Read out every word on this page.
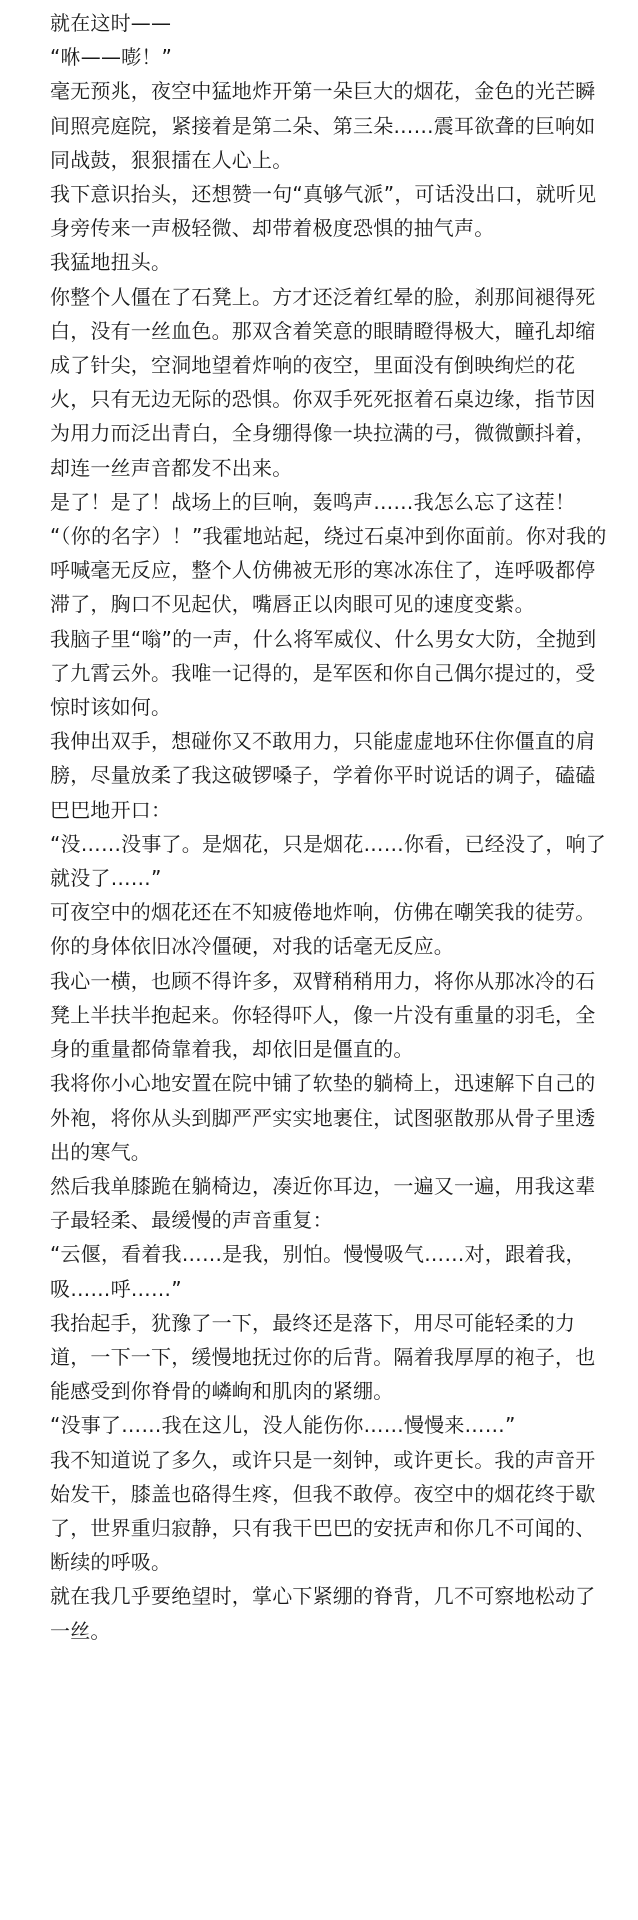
就在这时——

“咻——嘭！”

毫无预兆，夜空中猛地炸开第一朵巨大的烟花，金色的光芒瞬间照亮庭院，紧接着是第二朵、第三朵……震耳欲聋的巨响如同战鼓，狠狠擂在人心上。

我下意识抬头，还想赞一句“真够气派”，可话没出口，就听见身旁传来一声极轻微、却带着极度恐惧的抽气声。

我猛地扭头。

你整个人僵在了石凳上。方才还泛着红晕的脸，刹那间褪得死白，没有一丝血色。那双含着笑意的眼睛瞪得极大，瞳孔却缩成了针尖，空洞地望着炸响的夜空，里面没有倒映绚烂的花火，只有无边无际的恐惧。你双手死死抠着石桌边缘，指节因为用力而泛出青白，全身绷得像一块拉满的弓，微微颤抖着，却连一丝声音都发不出来。

是了！是了！战场上的巨响，轰鸣声……我怎么忘了这茬！

“（你的名字）！”我霍地站起，绕过石桌冲到你面前。你对我的呼喊毫无反应，整个人仿佛被无形的寒冰冻住了，连呼吸都停滞了，胸口不见起伏，嘴唇正以肉眼可见的速度变紫。

我脑子里“嗡”的一声，什么将军威仪、什么男女大防，全抛到了九霄云外。我唯一记得的，是军医和你自己偶尔提过的，受惊时该如何。

我伸出双手，想碰你又不敢用力，只能虚虚地环住你僵直的肩膀，尽量放柔了我这破锣嗓子，学着你平时说话的调子，磕磕巴巴地开口：

“没……没事了。是烟花，只是烟花……你看，已经没了，响了就没了……”

可夜空中的烟花还在不知疲倦地炸响，仿佛在嘲笑我的徒劳。你的身体依旧冰冷僵硬，对我的话毫无反应。

我心一横，也顾不得许多，双臂稍稍用力，将你从那冰冷的石凳上半扶半抱起来。你轻得吓人，像一片没有重量的羽毛，全身的重量都倚靠着我，却依旧是僵直的。

我将你小心地安置在院中铺了软垫的躺椅上，迅速解下自己的外袍，将你从头到脚严严实实地裹住，试图驱散那从骨子里透出的寒气。

然后我单膝跪在躺椅边，凑近你耳边，一遍又一遍，用我这辈子最轻柔、最缓慢的声音重复：

“云偃，看着我……是我，别怕。慢慢吸气……对，跟着我，吸……呼……”

我抬起手，犹豫了一下，最终还是落下，用尽可能轻柔的力道，一下一下，缓慢地抚过你的后背。隔着我厚厚的袍子，也能感受到你脊骨的嶙峋和肌肉的紧绷。

“没事了……我在这儿，没人能伤你……慢慢来……”

我不知道说了多久，或许只是一刻钟，或许更长。我的声音开始发干，膝盖也硌得生疼，但我不敢停。夜空中的烟花终于歇了，世界重归寂静，只有我干巴巴的安抚声和你几不可闻的、断续的呼吸。

就在我几乎要绝望时，掌心下紧绷的脊背，几不可察地松动了一丝。
